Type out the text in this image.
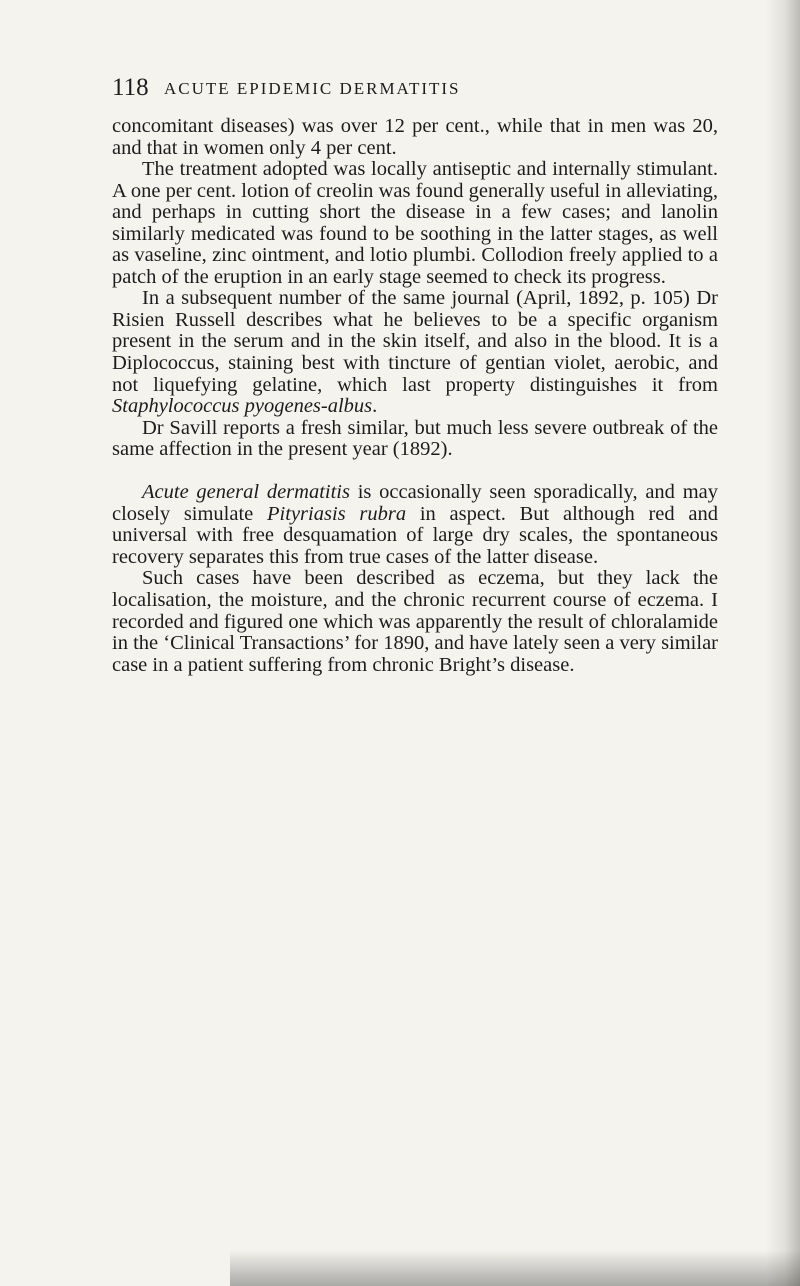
118 ACUTE EPIDEMIC DERMATITIS

concomitant diseases) was over 12 per cent., while that in men was 20, and that in women only 4 per cent.

The treatment adopted was locally antiseptic and internally stimulant. A one per cent. lotion of creolin was found generally useful in alleviating, and perhaps in cutting short the disease in a few cases; and lanolin similarly medicated was found to be soothing in the latter stages, as well as vaseline, zinc ointment, and lotio plumbi. Collodion freely applied to a patch of the eruption in an early stage seemed to check its progress.

In a subsequent number of the same journal (April, 1892, p. 105) Dr Risien Russell describes what he believes to be a specific organism present in the serum and in the skin itself, and also in the blood. It is a Diplococcus, staining best with tincture of gentian violet, aerobic, and not liquefying gelatine, which last property distinguishes it from Staphylococcus pyogenes-albus.

Dr Savill reports a fresh similar, but much less severe outbreak of the same affection in the present year (1892).

Acute general dermatitis is occasionally seen sporadically, and may closely simulate Pityriasis rubra in aspect. But although red and universal with free desquamation of large dry scales, the spontaneous recovery separates this from true cases of the latter disease.

Such cases have been described as eczema, but they lack the localisation, the moisture, and the chronic recurrent course of eczema. I recorded and figured one which was apparently the result of chloralamide in the ‘Clinical Transactions’ for 1890, and have lately seen a very similar case in a patient suffering from chronic Bright’s disease.
